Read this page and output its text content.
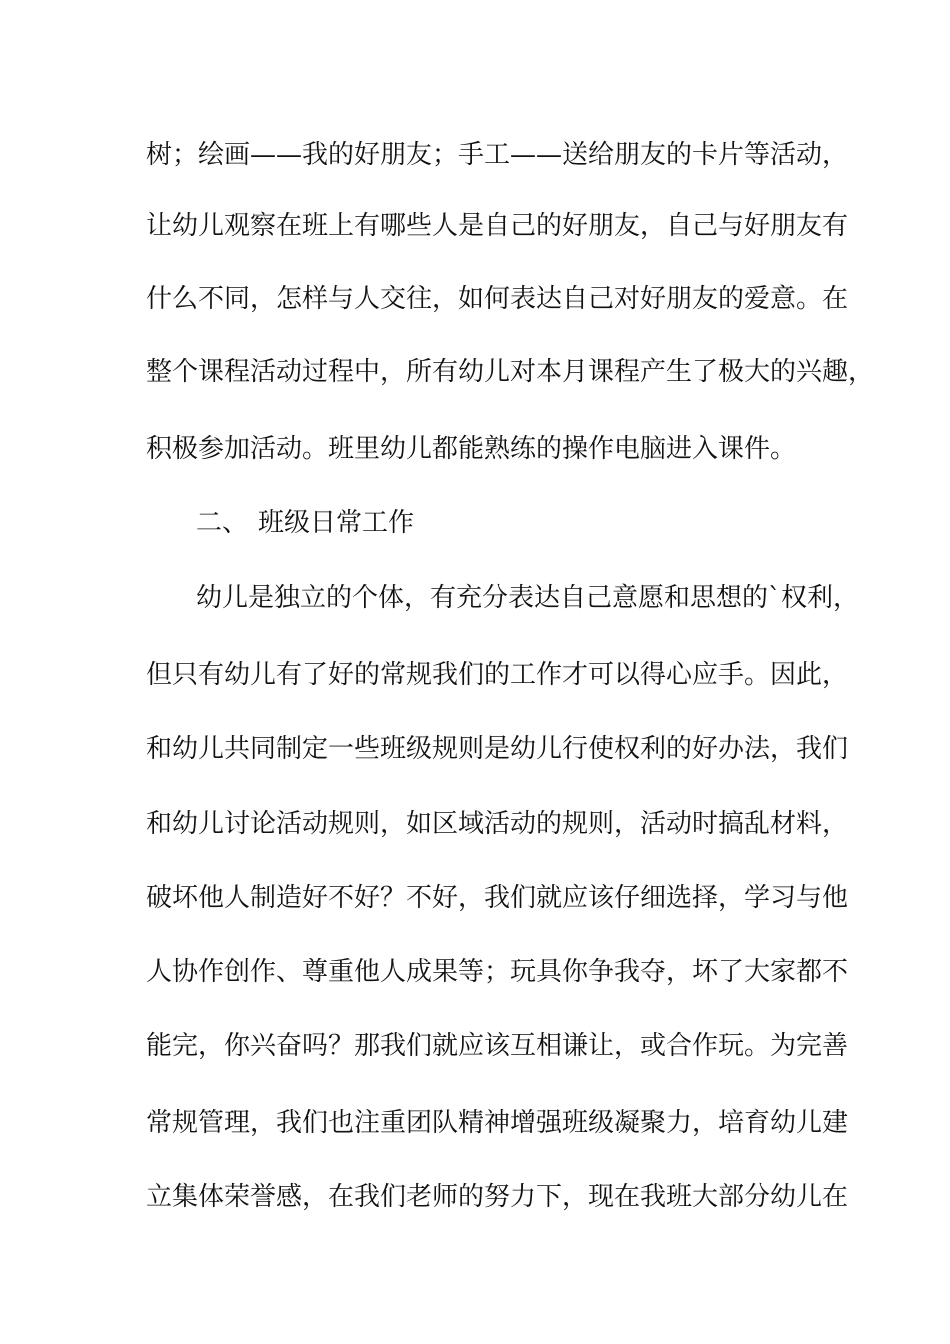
树；绘画——我的好朋友；手工——送给朋友的卡片等活动，
让幼儿观察在班上有哪些人是自己的好朋友，自己与好朋友有
什么不同，怎样与人交往，如何表达自己对好朋友的爱意。在
整个课程活动过程中，所有幼儿对本月课程产生了极大的兴趣，
积极参加活动。班里幼儿都能熟练的操作电脑进入课件。
二、 班级日常工作
幼儿是独立的个体，有充分表达自己意愿和思想的`权利，
但只有幼儿有了好的常规我们的工作才可以得心应手。因此，
和幼儿共同制定一些班级规则是幼儿行使权利的好办法，我们
和幼儿讨论活动规则，如区域活动的规则，活动时搞乱材料，
破坏他人制造好不好？不好，我们就应该仔细选择，学习与他
人协作创作、尊重他人成果等；玩具你争我夺，坏了大家都不
能完，你兴奋吗？那我们就应该互相谦让，或合作玩。为完善
常规管理，我们也注重团队精神增强班级凝聚力，培育幼儿建
立集体荣誉感，在我们老师的努力下，现在我班大部分幼儿在
